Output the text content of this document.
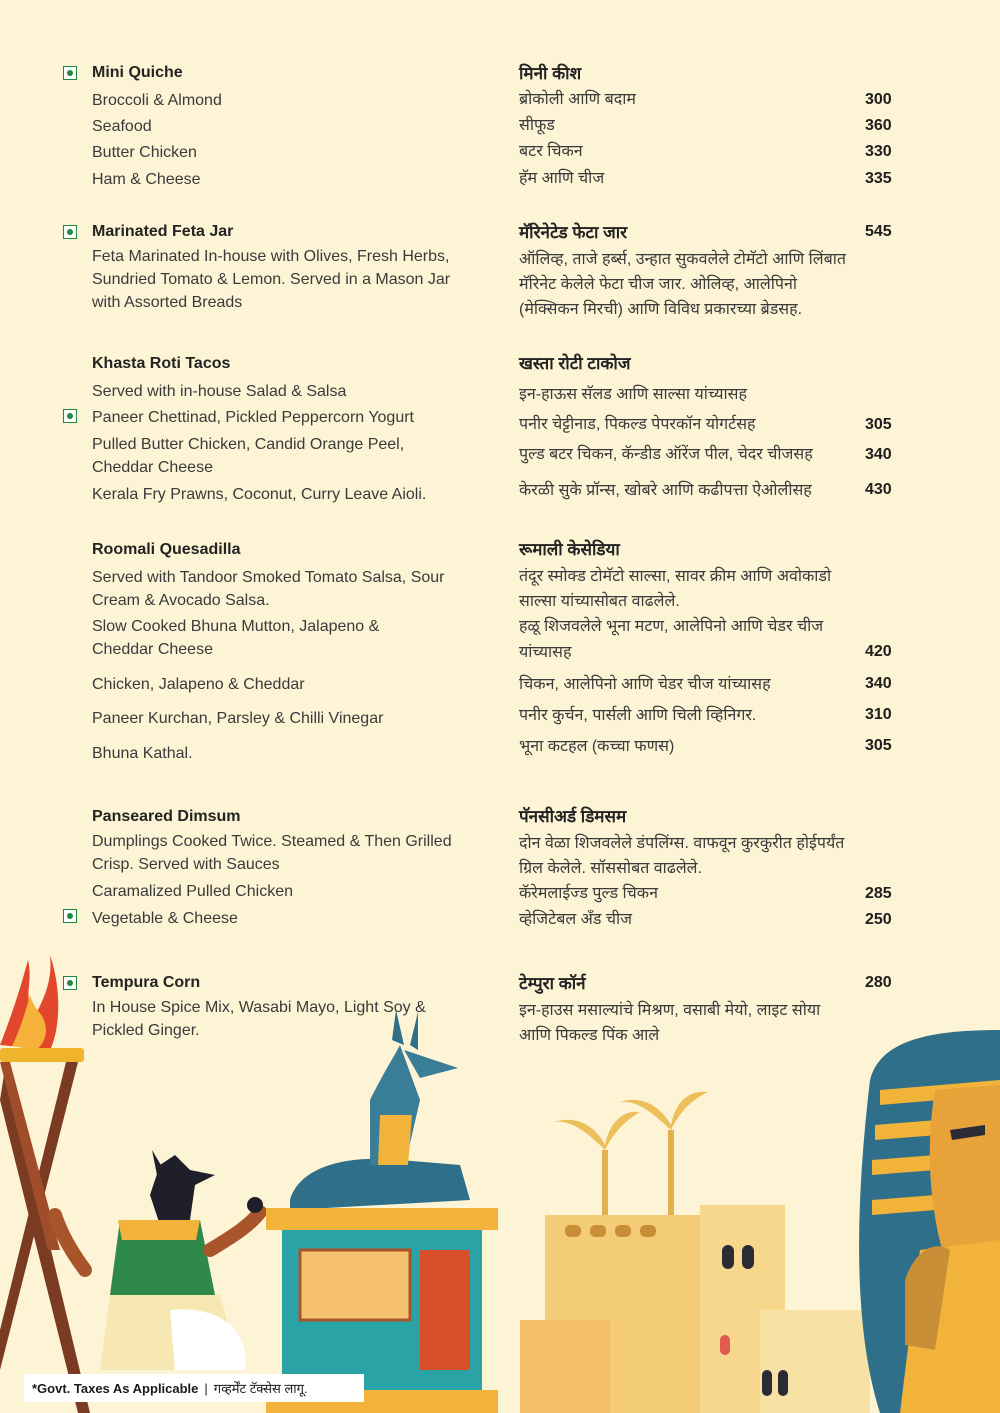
Mini Quiche
Broccoli & Almond
Seafood
Butter Chicken
Ham & Cheese
मिनी कीश
ब्रोकोली आणि बदाम
सीफूड
बटर चिकन
हॅम आणि चीज
300
360
330
335
Marinated Feta Jar
Feta Marinated In-house with Olives, Fresh Herbs,
Sundried Tomato & Lemon. Served in a Mason Jar
with Assorted Breads
मॅरिनेटेड फेटा जार	545
ऑलिव्ह, ताजे हर्ब्स, उन्हात सुकवलेले टोमॅटो आणि लिंबात
मॅरिनेट केलेले फेटा चीज जार. ओलिव्ह, आलेपिनो
(मेक्सिकन मिरची) आणि विविध प्रकारच्या ब्रेडसह.
Khasta Roti Tacos
Served with in-house Salad & Salsa
Paneer Chettinad, Pickled Peppercorn Yogurt
Pulled Butter Chicken, Candid Orange Peel,
Cheddar Cheese
Kerala Fry Prawns, Coconut, Curry Leave Aioli.
खस्ता रोटी टाकोज
इन-हाऊस सॅलड आणि साल्सा यांच्यासह
पनीर चेट्टीनाड, पिकल्ड पेपरकॉन योगर्टसह
पुल्ड बटर चिकन, कॅन्डीड ऑरेंज पील, चेदर चीजसह
केरळी सुके प्रॉन्स, खोबरे आणि कढीपत्ता ऐओलीसह
305
340
430
Roomali Quesadilla
Served with Tandoor Smoked Tomato Salsa, Sour
Cream & Avocado Salsa.
Slow Cooked Bhuna Mutton, Jalapeno &
Cheddar Cheese
Chicken, Jalapeno & Cheddar
Paneer Kurchan, Parsley & Chilli Vinegar
Bhuna Kathal.
रूमाली केसेडिया
तंदूर स्मोक्ड टोमॅटो साल्सा, सावर क्रीम आणि अवोकाडो
साल्सा यांच्यासोबत वाढलेले.
हळू शिजवलेले भूना मटण, आलेपिनो आणि चेडर चीज
यांच्यासह
चिकन, आलेपिनो आणि चेडर चीज यांच्यासह
पनीर कुर्चन, पार्सली आणि चिली व्हिनिगर.
भूना कटहल (कच्चा फणस)
420
340
310
305
Panseared Dimsum
Dumplings Cooked Twice. Steamed & Then Grilled
Crisp. Served with Sauces
Caramalized Pulled Chicken
Vegetable & Cheese
पॅनसीअर्ड डिमसम
दोन वेळा शिजवलेले डंपलिंग्स. वाफवून कुरकुरीत होईपर्यंत
ग्रिल केलेले. सॉससोबत वाढलेले.
कॅरेमलाईज्ड पुल्ड चिकन
व्हेजिटेबल अँड चीज
285
250
Tempura Corn
In House Spice Mix, Wasabi Mayo, Light Soy &
Pickled Ginger.
टेम्पुरा कॉर्न	280
इन-हाउस मसाल्यांचे मिश्रण, वसाबी मेयो, लाइट सोया
आणि पिकल्ड पिंक आले
*Govt. Taxes As Applicable | गव्हर्मेंट टॅक्सेस लागू.
